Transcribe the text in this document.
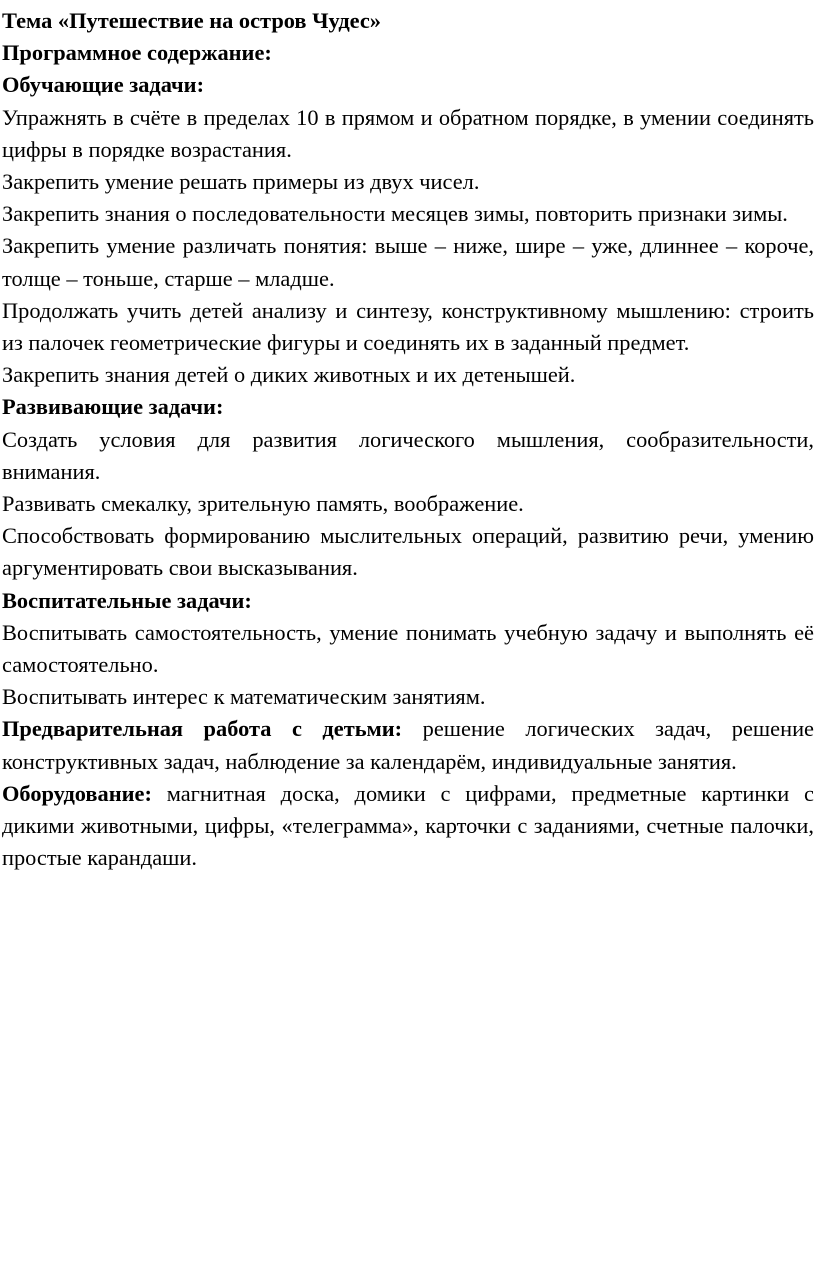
Тема «Путешествие на остров Чудес»

Программное содержание:

Обучающие задачи:

Упражнять в счёте в пределах 10 в прямом и обратном порядке, в умении соединять цифры в порядке возрастания.

Закрепить умение решать примеры из двух чисел.

Закрепить знания о последовательности месяцев зимы, повторить признаки зимы.

Закрепить умение различать понятия: выше – ниже, шире – уже, длиннее – короче, толще – тоньше, старше – младше.

Продолжать учить детей анализу и синтезу, конструктивному мышлению: строить из палочек геометрические фигуры и соединять их в заданный предмет.

Закрепить знания детей о диких животных и их детенышей.

Развивающие задачи:

Создать условия для развития логического мышления, сообразительности, внимания.

Развивать смекалку, зрительную память, воображение.

Способствовать формированию мыслительных операций, развитию речи, умению аргументировать свои высказывания.

Воспитательные задачи:

Воспитывать самостоятельность, умение понимать учебную задачу и выполнять её самостоятельно.

Воспитывать интерес к математическим занятиям.

Предварительная работа с детьми: решение логических задач, решение конструктивных задач, наблюдение за календарём, индивидуальные занятия.

Оборудование: магнитная доска, домики с цифрами, предметные картинки с дикими животными, цифры, «телеграмма», карточки с заданиями, счетные палочки, простые карандаши.
